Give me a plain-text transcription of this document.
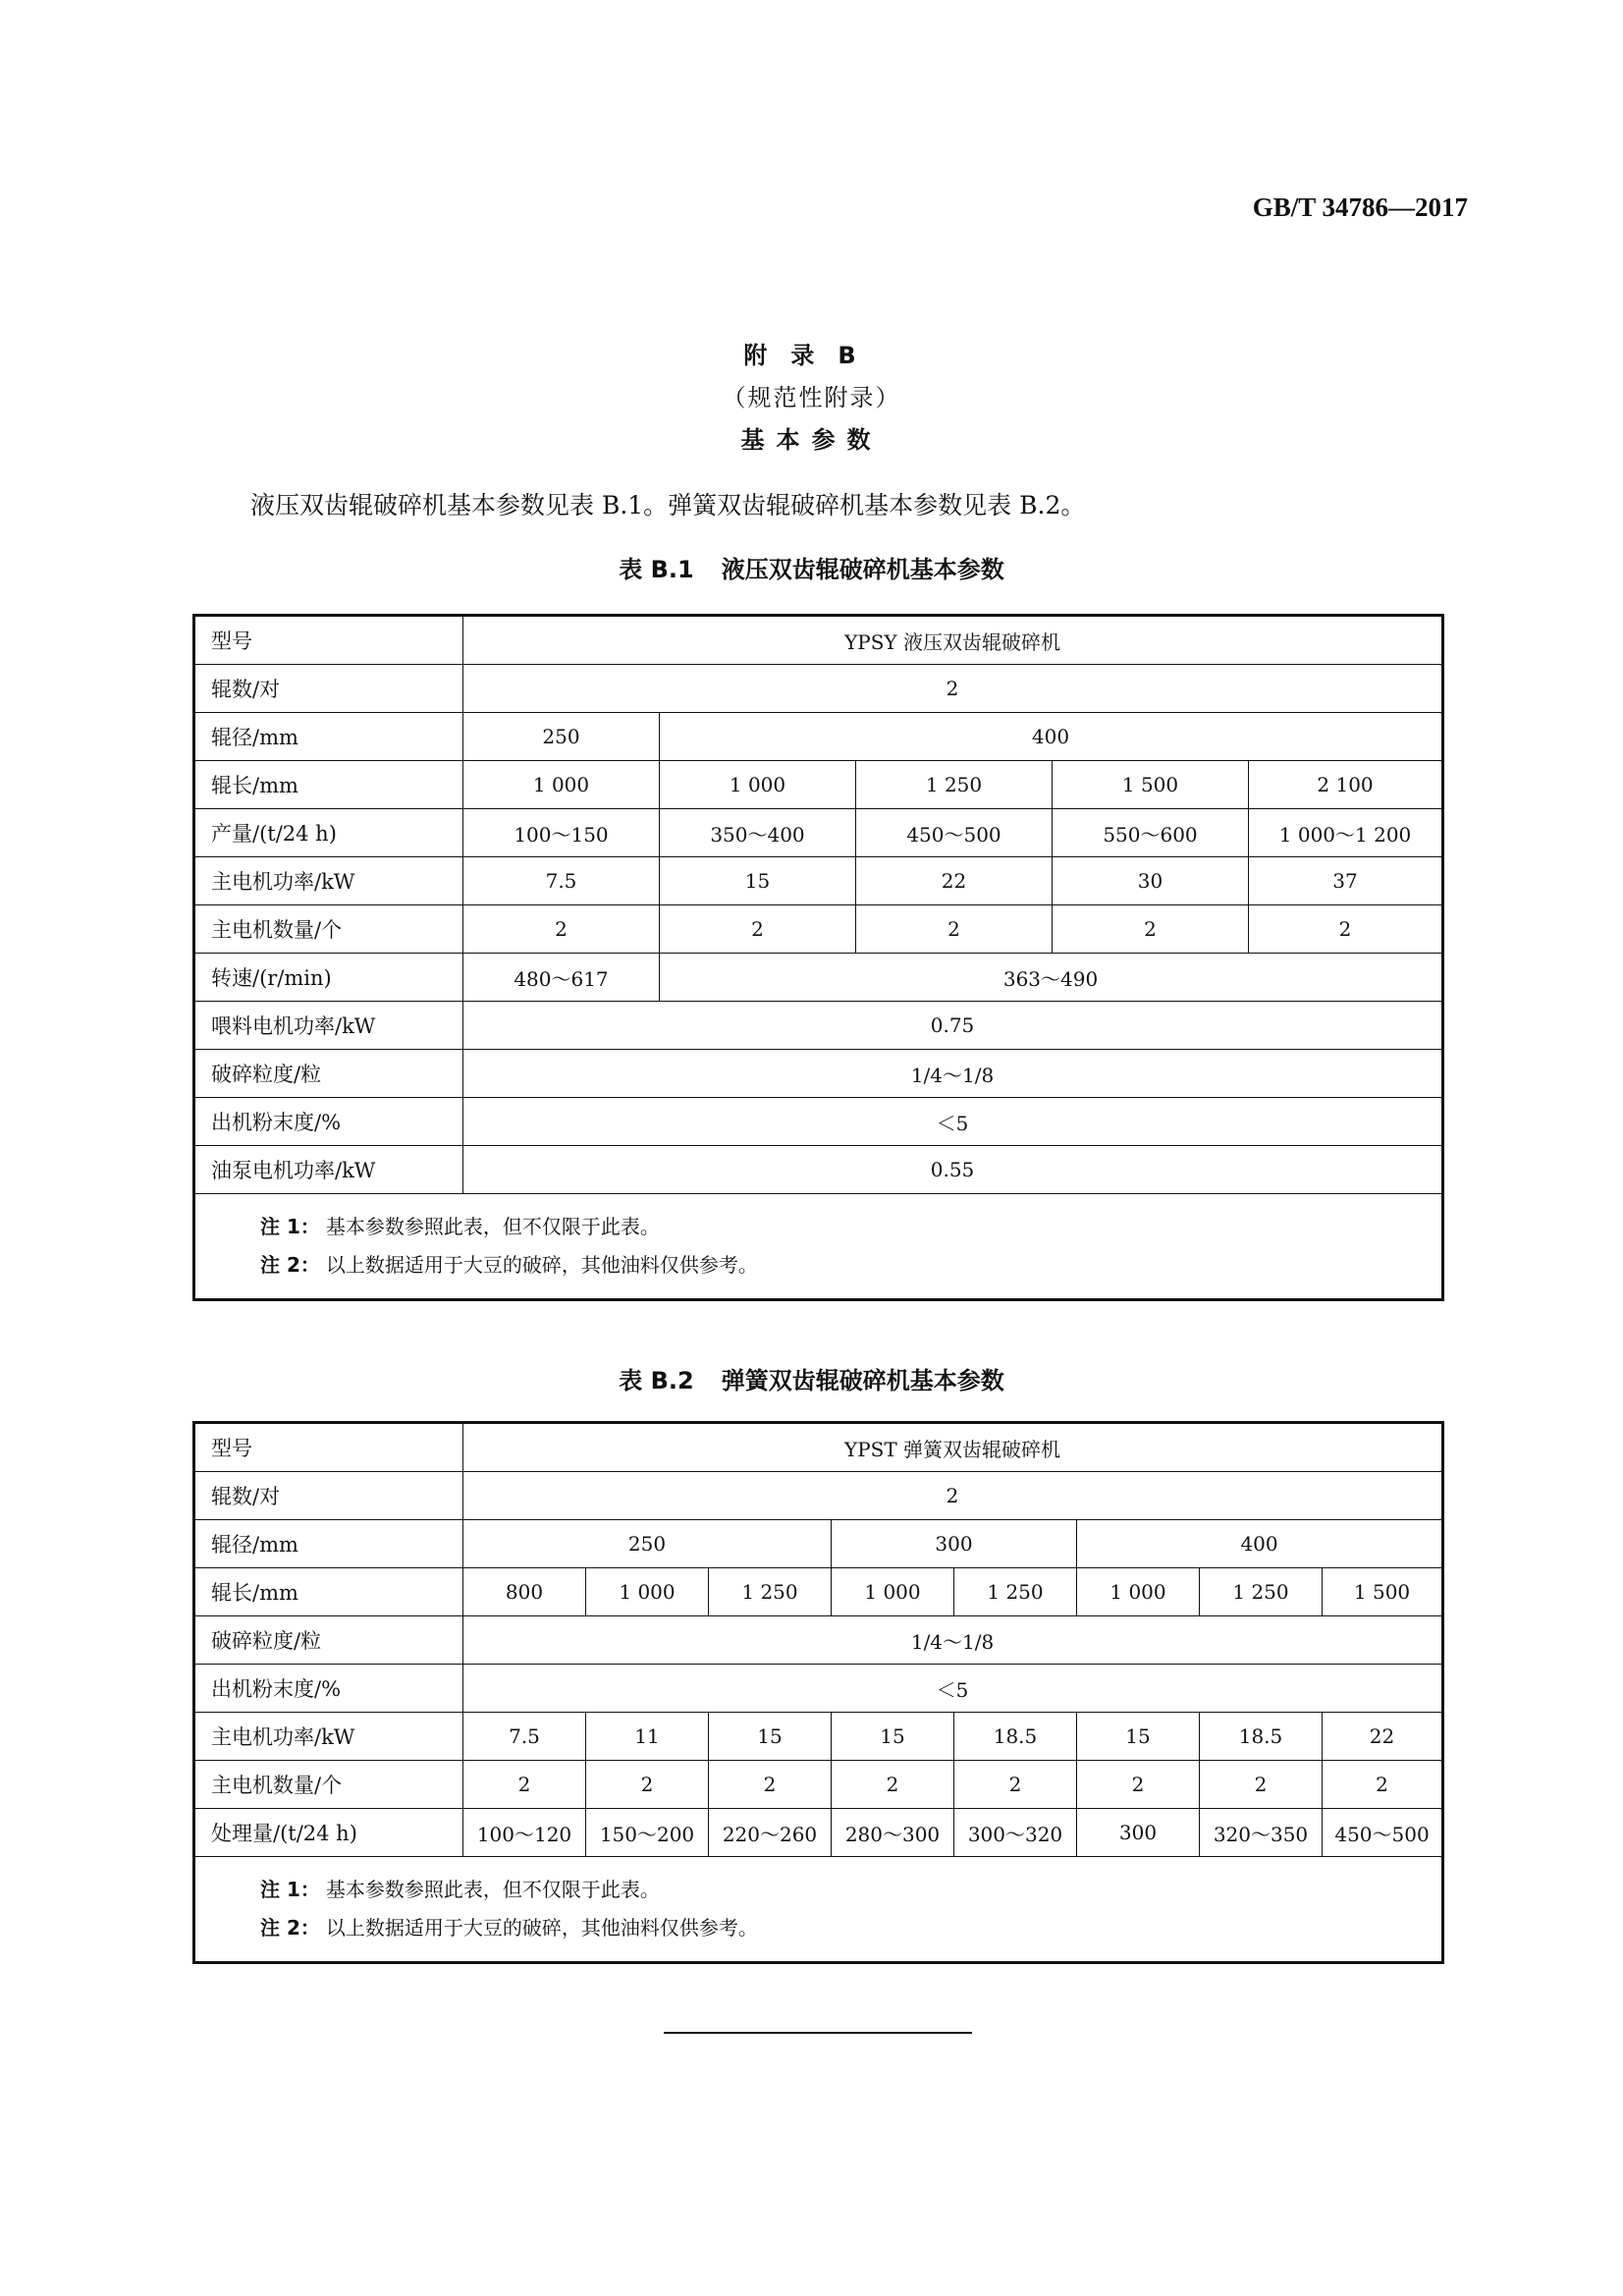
GB/T 34786—2017
附录B
（规范性附录）
基本参数
液压双齿辊破碎机基本参数见表 B.1。弹簧双齿辊破碎机基本参数见表 B.2。
表 B.1 液压双齿辊破碎机基本参数
型号	YPSY 液压双齿辊破碎机				
辊数/对	2				
辊径/mm	250	400			
辊长/mm	1 000	1 000	1 250	1 500	2 100
产量/(t/24 h)	100～150	350～400	450～500	550～600	1 000～1 200
主电机功率/kW	7.5	15	22	30	37
主电机数量/个	2	2	2	2	2
转速/(r/min)	480～617	363～490			
喂料电机功率/kW	0.75				
破碎粒度/粒	1/4～1/8				
出机粉末度/%	＜5				
油泵电机功率/kW	0.55				

注 1： 基本参数参照此表，但不仅限于此表。
注 2： 以上数据适用于大豆的破碎，其他油料仅供参考。					
表 B.2 弹簧双齿辊破碎机基本参数
型号	YPST 弹簧双齿辊破碎机							
辊数/对	2							
辊径/mm	250			300		400		
辊长/mm	800	1 000	1 250	1 000	1 250	1 000	1 250	1 500
破碎粒度/粒	1/4～1/8							
出机粉末度/%	＜5							
主电机功率/kW	7.5	11	15	15	18.5	15	18.5	22
主电机数量/个	2	2	2	2	2	2	2	2
处理量/(t/24 h)	100～120	150～200	220～260	280～300	300～320	300	320～350	450～500

注 1： 基本参数参照此表，但不仅限于此表。
注 2： 以上数据适用于大豆的破碎，其他油料仅供参考。								
